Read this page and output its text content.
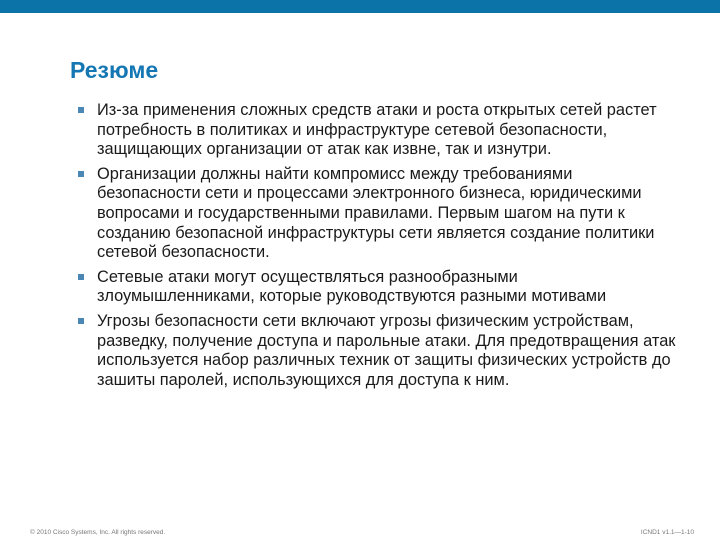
Резюме
Из-за применения сложных средств атаки и роста открытых сетей растет потребность в политиках и инфраструктуре сетевой безопасности, защищающих организации от атак как извне, так и изнутри.
Организации должны найти компромисс между требованиями безопасности сети и процессами электронного бизнеса, юридическими вопросами и государственными правилами. Первым шагом на пути к созданию безопасной инфраструктуры сети является создание политики сетевой безопасности.
Сетевые атаки могут осуществляться разнообразными злоумышленниками, которые руководствуются разными мотивами
Угрозы безопасности сети включают угрозы физическим устройствам, разведку, получение доступа и парольные атаки. Для предотвращения атак используется набор различных техник от защиты физических устройств до зашиты паролей, использующихся для доступа к ним.
© 2010 Cisco Systems, Inc. All rights reserved.	ICND1 v1.1—1-10
